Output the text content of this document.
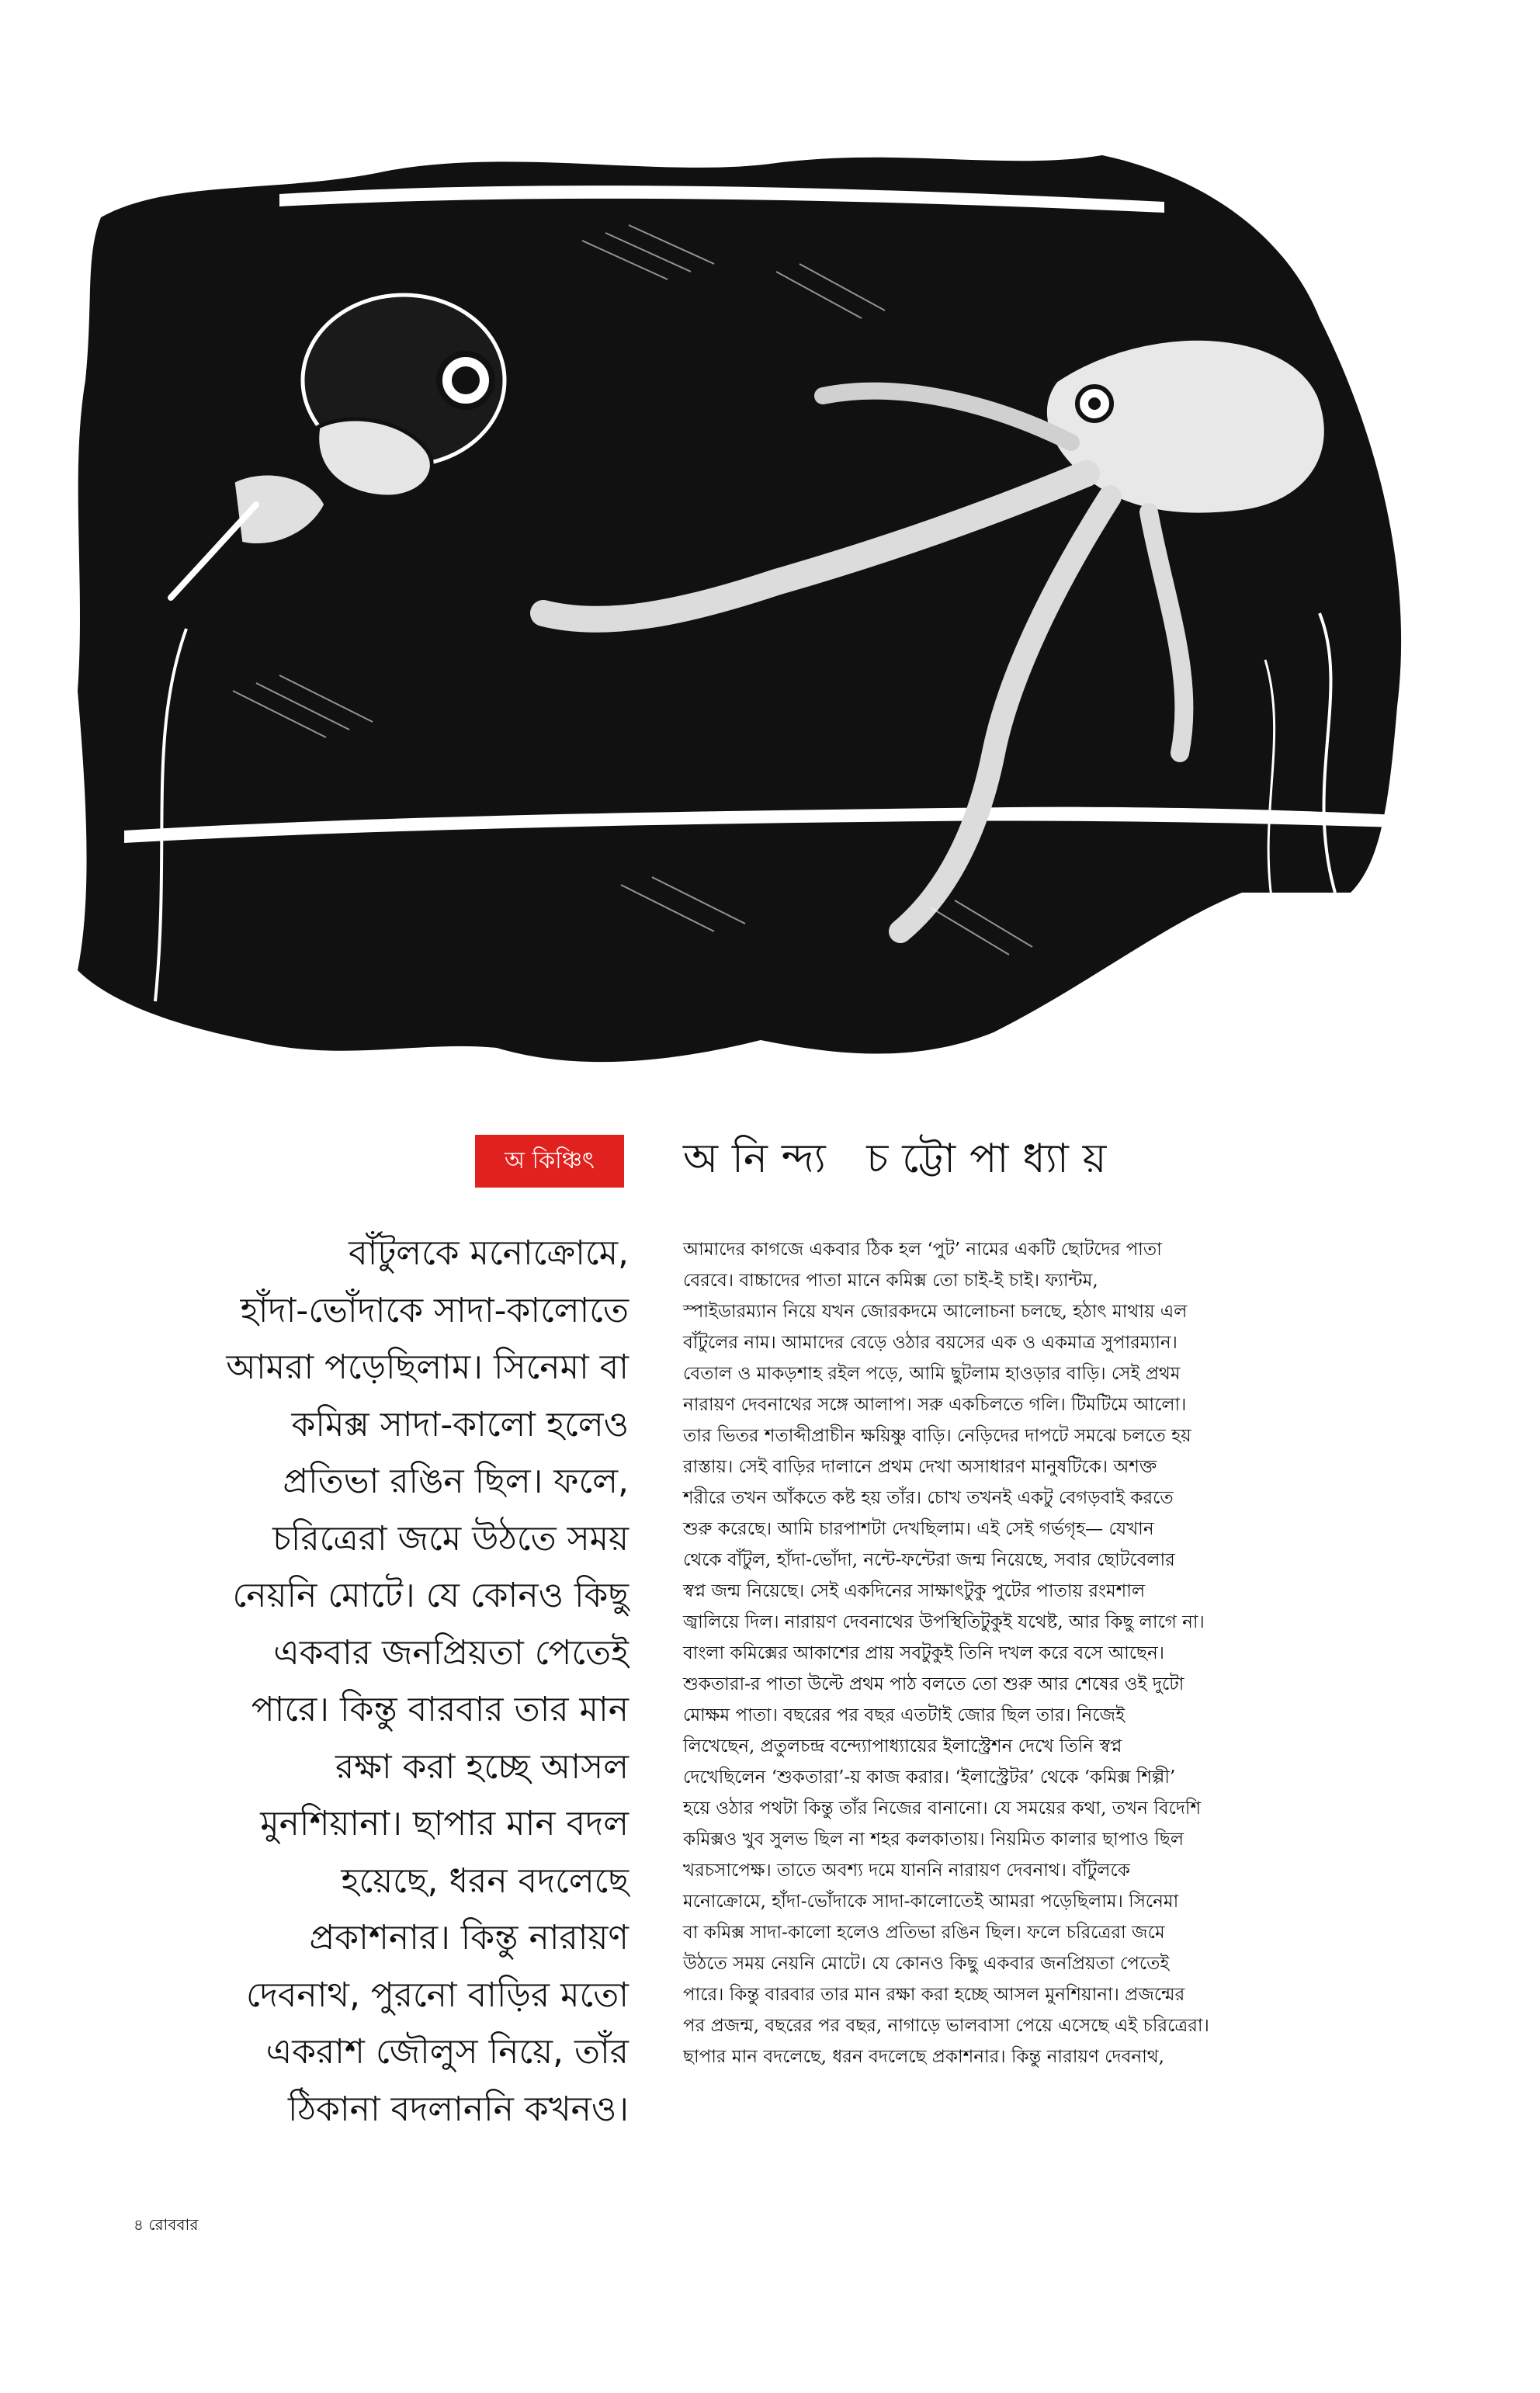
অ কিঞ্চিৎ	অনিন্দ্য চট্টোপাধ্যায়
বাঁটুলকে মনোক্রোমে,
হাঁদা-ভোঁদাকে সাদা-কালোতে
আমরা পড়েছিলাম। সিনেমা বা
কমিক্স সাদা-কালো হলেও
প্রতিভা রঙিন ছিল। ফলে,
চরিত্রেরা জমে উঠতে সময়
নেয়নি মোটে। যে কোনও কিছু
একবার জনপ্রিয়তা পেতেই
পারে। কিন্তু বারবার তার মান
রক্ষা করা হচ্ছে আসল
মুনশিয়ানা। ছাপার মান বদল
হয়েছে, ধরন বদলেছে
প্রকাশনার। কিন্তু নারায়ণ
দেবনাথ, পুরনো বাড়ির মতো
একরাশ জৌলুস নিয়ে, তাঁর
ঠিকানা বদলাননি কখনও।
আমাদের কাগজে একবার ঠিক হল ‘পুট’ নামের একটি ছোটদের পাতা
বেরবে। বাচ্চাদের পাতা মানে কমিক্স তো চাই-ই চাই। ফ্যান্টম,
স্পাইডারম্যান নিয়ে যখন জোরকদমে আলোচনা চলছে, হঠাৎ মাথায় এল
বাঁটুলের নাম। আমাদের বেড়ে ওঠার বয়সের এক ও একমাত্র সুপারম্যান।
বেতাল ও মাকড়শাহ রইল পড়ে, আমি ছুটলাম হাওড়ার বাড়ি। সেই প্রথম
নারায়ণ দেবনাথের সঙ্গে আলাপ। সরু একচিলতে গলি। টিমটিমে আলো।
তার ভিতর শতাব্দীপ্রাচীন ক্ষয়িষ্ণু বাড়ি। নেড়িদের দাপটে সমঝে চলতে হয়
রাস্তায়। সেই বাড়ির দালানে প্রথম দেখা অসাধারণ মানুষটিকে। অশক্ত
শরীরে তখন আঁকতে কষ্ট হয় তাঁর। চোখ তখনই একটু বেগড়বাই করতে
শুরু করেছে। আমি চারপাশটা দেখছিলাম। এই সেই গর্ভগৃহ— যেখান
থেকে বাঁটুল, হাঁদা-ভোঁদা, নন্টে-ফন্টেরা জন্ম নিয়েছে, সবার ছোটবেলার
স্বপ্ন জন্ম নিয়েছে। সেই একদিনের সাক্ষাৎটুকু পুটের পাতায় রংমশাল
জ্বালিয়ে দিল। নারায়ণ দেবনাথের উপস্থিতিটুকুই যথেষ্ট, আর কিছু লাগে না।
বাংলা কমিক্সের আকাশের প্রায় সবটুকুই তিনি দখল করে বসে আছেন।
শুকতারা-র পাতা উল্টে প্রথম পাঠ বলতে তো শুরু আর শেষের ওই দুটো
মোক্ষম পাতা। বছরের পর বছর এতটাই জোর ছিল তার। নিজেই
লিখেছেন, প্রতুলচন্দ্র বন্দ্যোপাধ্যায়ের ইলাস্ট্রেশন দেখে তিনি স্বপ্ন
দেখেছিলেন ‘শুকতারা’-য় কাজ করার। ‘ইলাস্ট্রেটর’ থেকে ‘কমিক্স শিল্পী’
হয়ে ওঠার পথটা কিন্তু তাঁর নিজের বানানো। যে সময়ের কথা, তখন বিদেশি
কমিক্সও খুব সুলভ ছিল না শহর কলকাতায়। নিয়মিত কালার ছাপাও ছিল
খরচসাপেক্ষ। তাতে অবশ্য দমে যাননি নারায়ণ দেবনাথ। বাঁটুলকে
মনোক্রোমে, হাঁদা-ভোঁদাকে সাদা-কালোতেই আমরা পড়েছিলাম। সিনেমা
বা কমিক্স সাদা-কালো হলেও প্রতিভা রঙিন ছিল। ফলে চরিত্রেরা জমে
উঠতে সময় নেয়নি মোটে। যে কোনও কিছু একবার জনপ্রিয়তা পেতেই
পারে। কিন্তু বারবার তার মান রক্ষা করা হচ্ছে আসল মুনশিয়ানা। প্রজন্মের
পর প্রজন্ম, বছরের পর বছর, নাগাড়ে ভালবাসা পেয়ে এসেছে এই চরিত্রেরা।
ছাপার মান বদলেছে, ধরন বদলেছে প্রকাশনার। কিন্তু নারায়ণ দেবনাথ,
৪ রোববার
